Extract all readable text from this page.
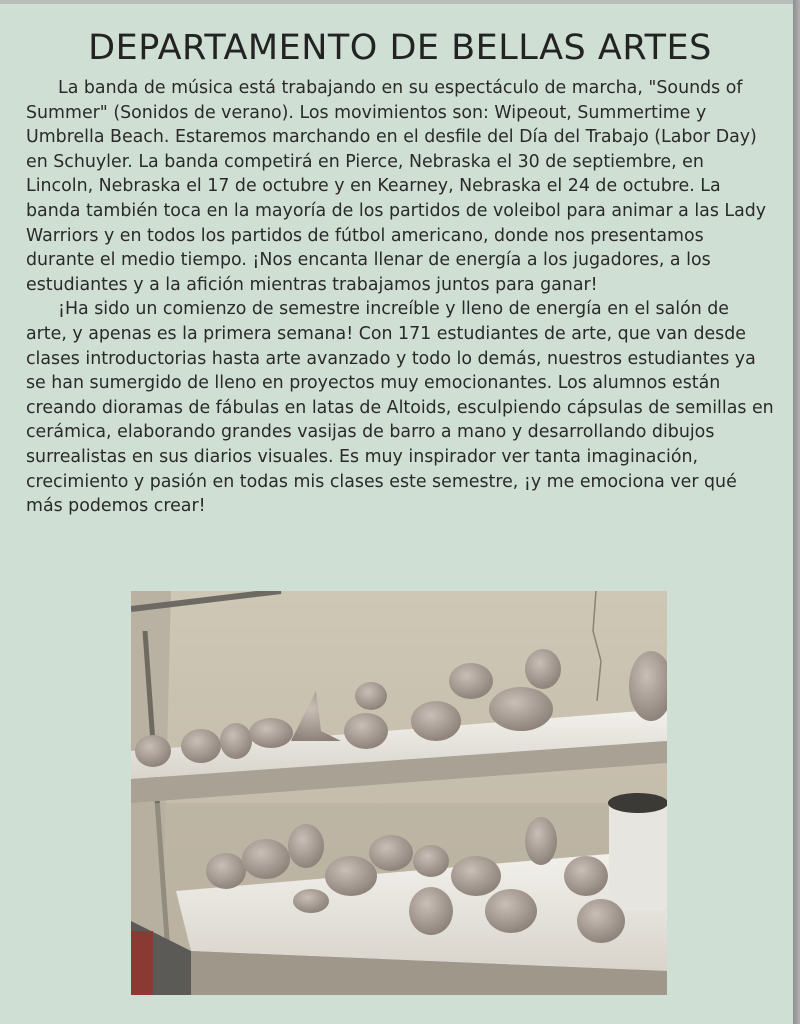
DEPARTAMENTO DE BELLAS ARTES

La banda de música está trabajando en su espectáculo de marcha, "Sounds of Summer" (Sonidos de verano). Los movimientos son: Wipeout, Summertime y Umbrella Beach. Estaremos marchando en el desfile del Día del Trabajo (Labor Day) en Schuyler. La banda competirá en Pierce, Nebraska el 30 de septiembre, en Lincoln, Nebraska el 17 de octubre y en Kearney, Nebraska el 24 de octubre. La banda también toca en la mayoría de los partidos de voleibol para animar a las Lady Warriors y en todos los partidos de fútbol americano, donde nos presentamos durante el medio tiempo. ¡Nos encanta llenar de energía a los jugadores, a los estudiantes y a la afición mientras trabajamos juntos para ganar!

¡Ha sido un comienzo de semestre increíble y lleno de energía en el salón de arte, y apenas es la primera semana! Con 171 estudiantes de arte, que van desde clases introductorias hasta arte avanzado y todo lo demás, nuestros estudiantes ya se han sumergido de lleno en proyectos muy emocionantes. Los alumnos están creando dioramas de fábulas en latas de Altoids, esculpiendo cápsulas de semillas en cerámica, elaborando grandes vasijas de barro a mano y desarrollando dibujos surrealistas en sus diarios visuales. Es muy inspirador ver tanta imaginación, crecimiento y pasión en todas mis clases este semestre, ¡y me emociona ver qué más podemos crear!
